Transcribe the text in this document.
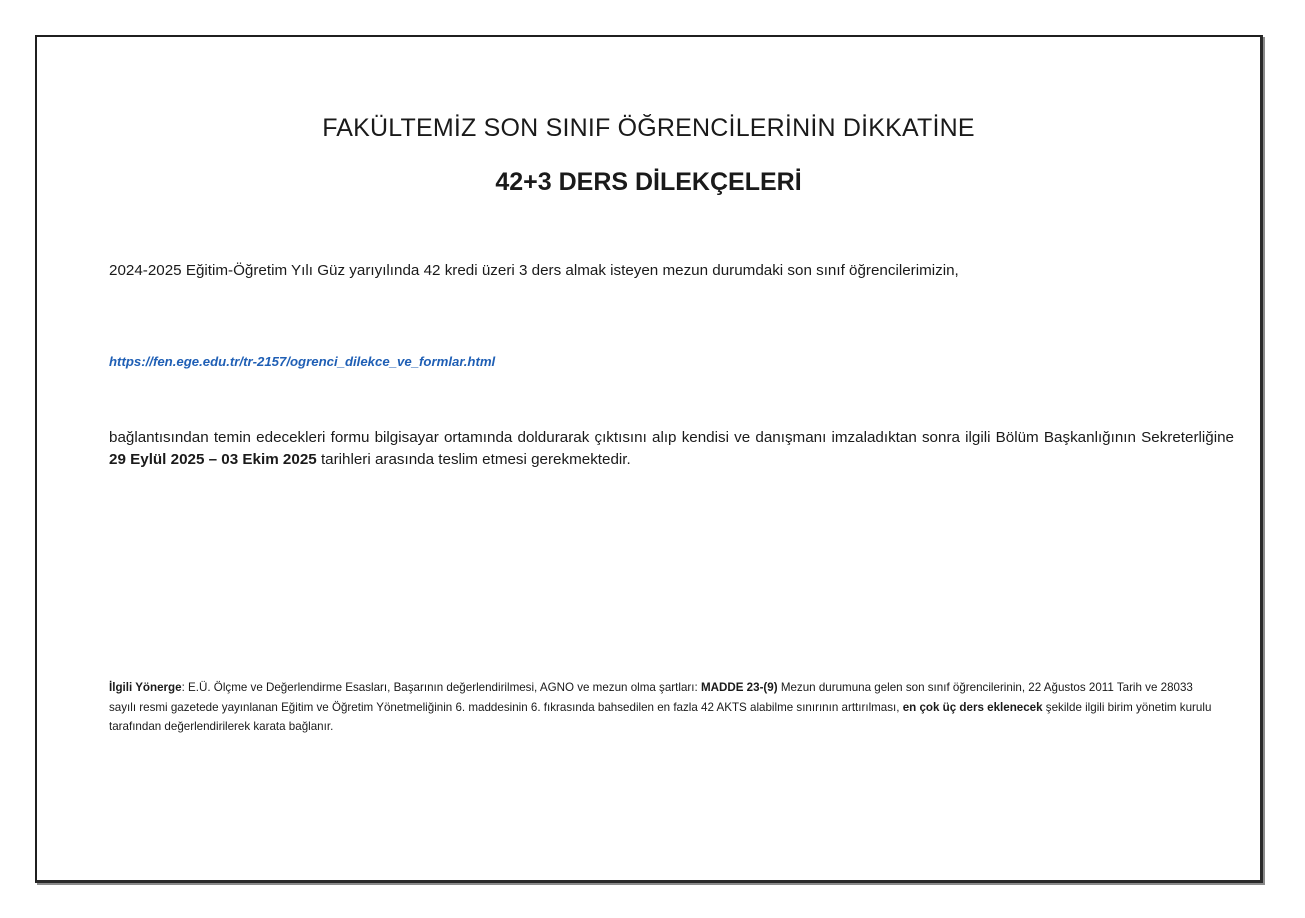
FAKÜLTEMİZ SON SINIF ÖĞRENCİLERİNİN DİKKATİNE
42+3 DERS DİLEKÇELERİ

2024-2025 Eğitim-Öğretim Yılı Güz yarıyılında 42 kredi üzeri 3 ders almak isteyen mezun durumdaki son sınıf öğrencilerimizin,

https://fen.ege.edu.tr/tr-2157/ogrenci_dilekce_ve_formlar.html

bağlantısından temin edecekleri formu bilgisayar ortamında doldurarak çıktısını alıp kendisi ve danışmanı imzaladıktan sonra ilgili Bölüm Başkanlığının Sekreterliğine 29 Eylül 2025 – 03 Ekim 2025 tarihleri arasında teslim etmesi gerekmektedir.

İlgili Yönerge: E.Ü. Ölçme ve Değerlendirme Esasları, Başarının değerlendirilmesi, AGNO ve mezun olma şartları: MADDE 23-(9) Mezun durumuna gelen son sınıf öğrencilerinin, 22 Ağustos 2011 Tarih ve 28033 sayılı resmi gazetede yayınlanan Eğitim ve Öğretim Yönetmeliğinin 6. maddesinin 6. fıkrasında bahsedilen en fazla 42 AKTS alabilme sınırının arttırılması, en çok üç ders eklenecek şekilde ilgili birim yönetim kurulu tarafından değerlendirilerek karata bağlanır.
